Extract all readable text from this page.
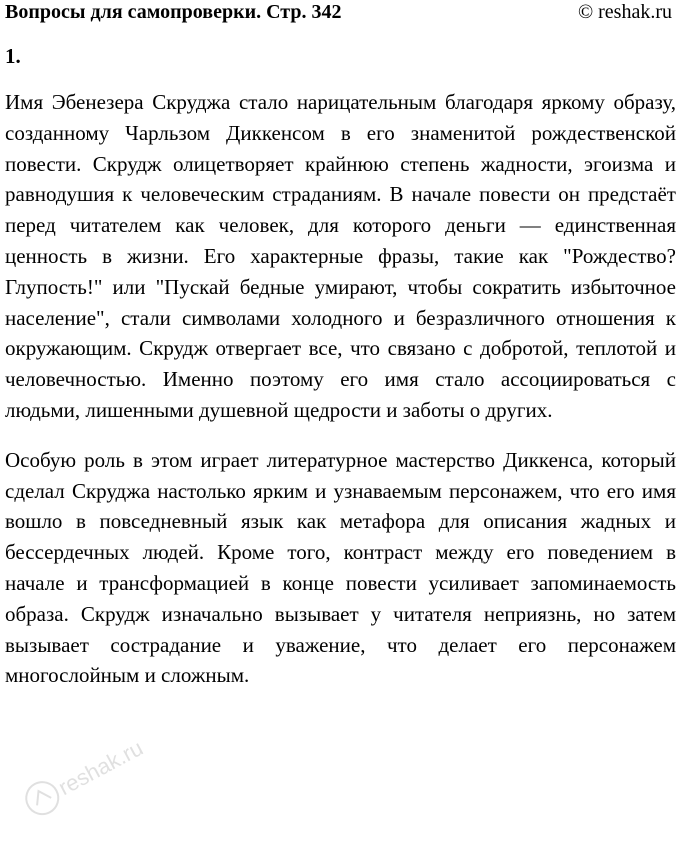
Вопросы для самопроверки. Стр. 342	© reshak.ru
1.

Имя Эбенезера Скруджа стало нарицательным благодаря яркому образу, созданному Чарльзом Диккенсом в его знаменитой рождественской повести. Скрудж олицетворяет крайнюю степень жадности, эгоизма и равнодушия к человеческим страданиям. В начале повести он предстаёт перед читателем как человек, для которого деньги — единственная ценность в жизни. Его характерные фразы, такие как "Рождество? Глупость!" или "Пускай бедные умирают, чтобы сократить избыточное население", стали символами холодного и безразличного отношения к окружающим. Скрудж отвергает все, что связано с добротой, теплотой и человечностью. Именно поэтому его имя стало ассоциироваться с людьми, лишенными душевной щедрости и заботы о других.

Особую роль в этом играет литературное мастерство Диккенса, который сделал Скруджа настолько ярким и узнаваемым персонажем, что его имя вошло в повседневный язык как метафора для описания жадных и бессердечных людей. Кроме того, контраст между его поведением в начале и трансформацией в конце повести усиливает запоминаемость образа. Скрудж изначально вызывает у читателя неприязнь, но затем вызывает сострадание и уважение, что делает его персонажем многослойным и сложным.

reshak.ru
